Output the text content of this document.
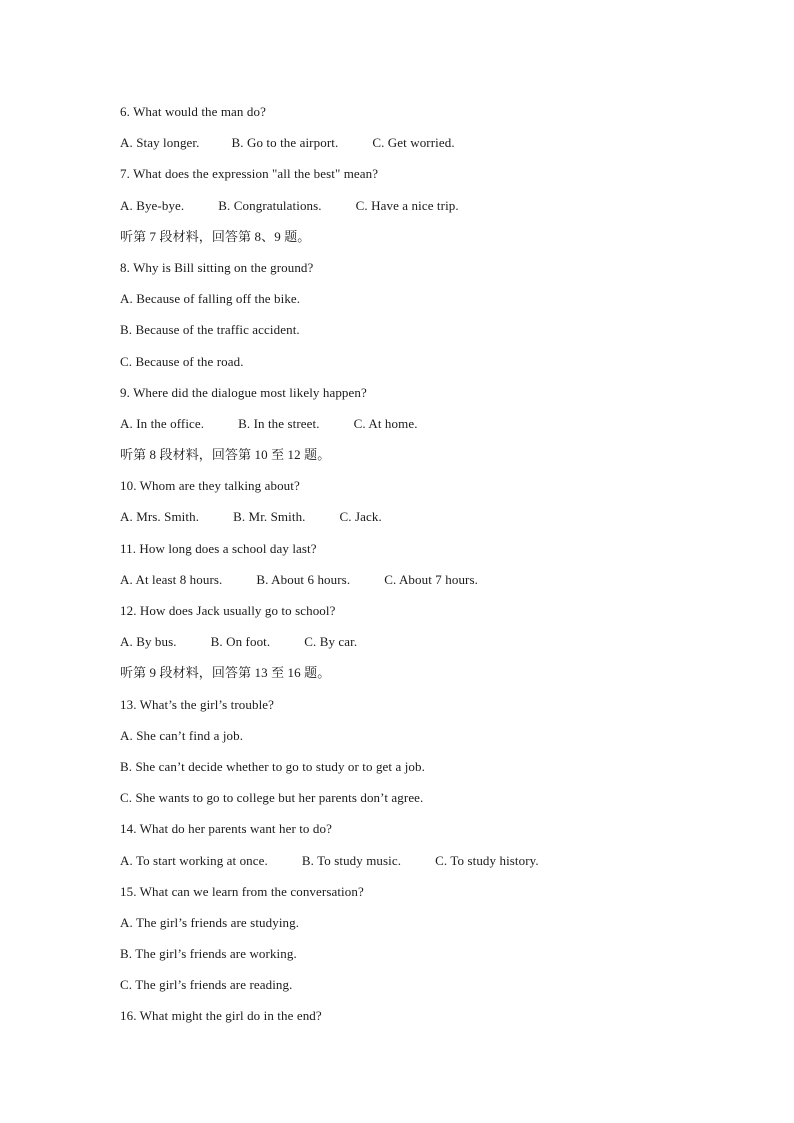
6. What would the man do?
A. Stay longer. B. Go to the airport.	C. Get worried.
7. What does the expression "all the best" mean?
A. Bye-bye.	B. Congratulations.	C. Have a nice trip.
听第 7 段材料，回答第 8、9 题。
8. Why is Bill sitting on the ground?
A. Because of falling off the bike.
B. Because of the traffic accident.
C. Because of the road.
9. Where did the dialogue most likely happen?
A. In the office.	B. In the street.	C. At home.
听第 8 段材料，回答第 10 至 12 题。
10. Whom are they talking about?
A. Mrs. Smith.	B. Mr. Smith.	C. Jack.
11. How long does a school day last?
A. At least 8 hours.	B. About 6 hours.	C. About 7 hours.
12. How does Jack usually go to school?
A. By bus.	B. On foot.	C. By car.
听第 9 段材料，回答第 13 至 16 题。
13. What’s the girl’s trouble?
A. She can’t find a job.
B. She can’t decide whether to go to study or to get a job.
C. She wants to go to college but her parents don’t agree.
14. What do her parents want her to do?
A. To start working at once.	B. To study music.	C. To study history.
15. What can we learn from the conversation?
A. The girl’s friends are studying.
B. The girl’s friends are working.
C. The girl’s friends are reading.
16. What might the girl do in the end?
